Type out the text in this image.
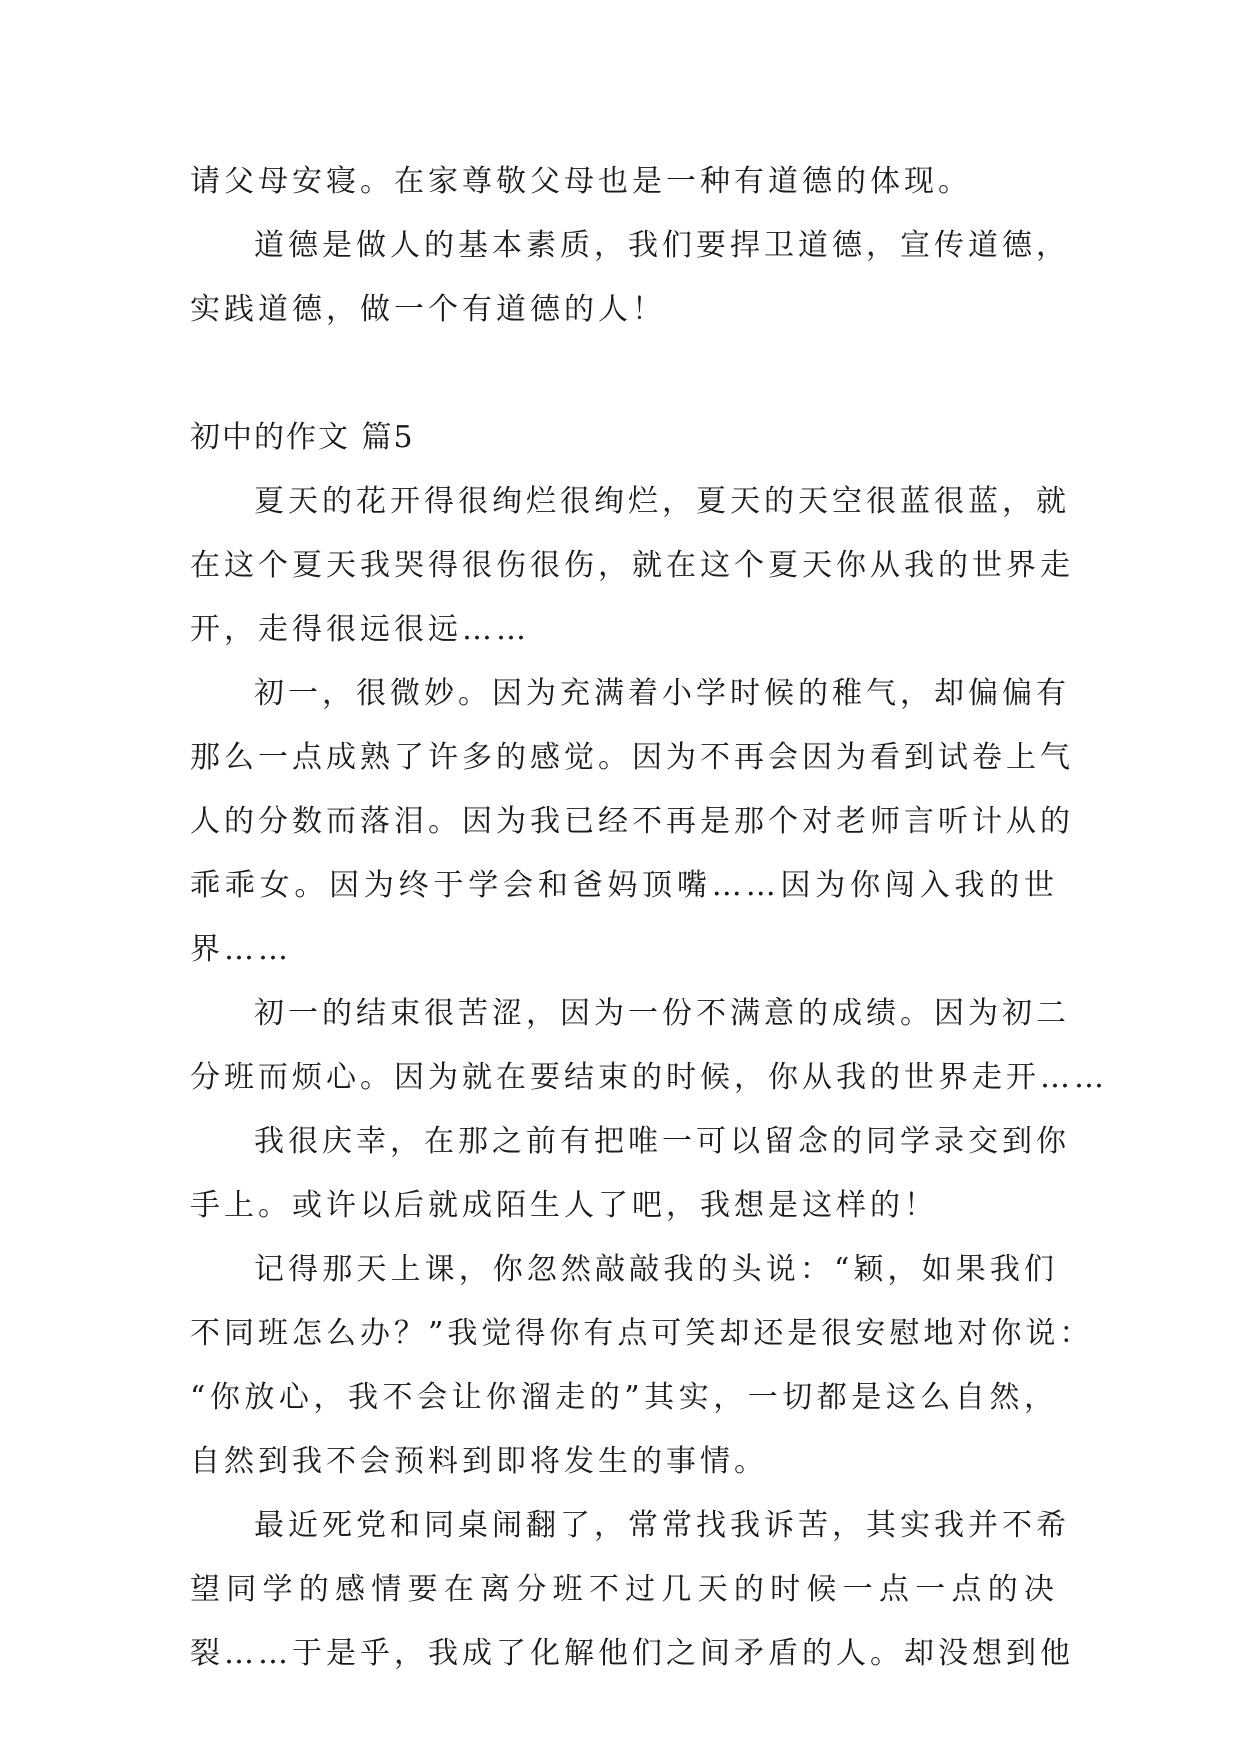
请父母安寝。在家尊敬父母也是一种有道德的体现。

道德是做人的基本素质，我们要捍卫道德，宣传道德，

实践道德，做一个有道德的人！

初中的作文 篇5

夏天的花开得很绚烂很绚烂，夏天的天空很蓝很蓝，就

在这个夏天我哭得很伤很伤，就在这个夏天你从我的世界走

开，走得很远很远……

初一，很微妙。因为充满着小学时候的稚气，却偏偏有

那么一点成熟了许多的感觉。因为不再会因为看到试卷上气

人的分数而落泪。因为我已经不再是那个对老师言听计从的

乖乖女。因为终于学会和爸妈顶嘴……因为你闯入我的世

界……

初一的结束很苦涩，因为一份不满意的成绩。因为初二

分班而烦心。因为就在要结束的时候，你从我的世界走开……

我很庆幸，在那之前有把唯一可以留念的同学录交到你

手上。或许以后就成陌生人了吧，我想是这样的！

记得那天上课，你忽然敲敲我的头说：“颖，如果我们

不同班怎么办？”我觉得你有点可笑却还是很安慰地对你说：

“你放心，我不会让你溜走的”其实，一切都是这么自然，

自然到我不会预料到即将发生的事情。

最近死党和同桌闹翻了，常常找我诉苦，其实我并不希

望同学的感情要在离分班不过几天的时候一点一点的决

裂……于是乎，我成了化解他们之间矛盾的人。却没想到他
